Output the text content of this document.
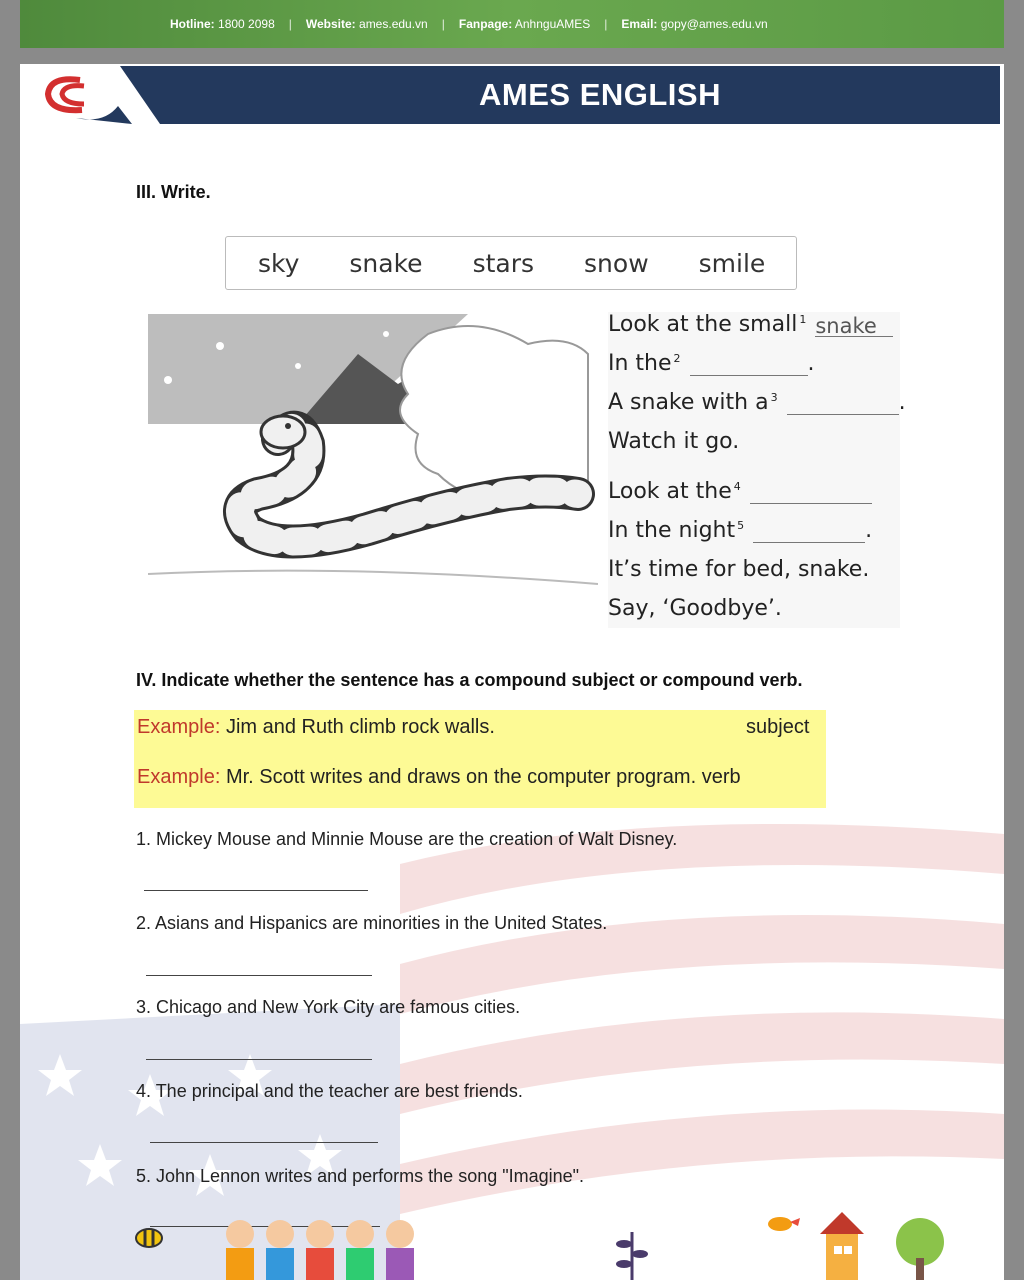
Hotline: 1800 2098 | Website: ames.edu.vn | Fanpage: AnhnguAMES | Email: gopy@ames.edu.vn
AMES ENGLISH
III. Write.
sky snake stars snow smile
Look at the small $^1$ snake
In the $^2$	.
A snake with a $^3$	.
Watch it go.
Look at the $^4$
In the night $^5$	.
It’s time for bed, snake.
Say, ‘Goodbye’.
IV. Indicate whether the sentence has a compound subject or compound verb.
Example: Jim and Ruth climb rock walls.	subject
Example: Mr. Scott writes and draws on the computer program. verb
1. Mickey Mouse and Minnie Mouse are the creation of Walt Disney.
2. Asians and Hispanics are minorities in the United States.
3. Chicago and New York City are famous cities.
4. The principal and the teacher are best friends.
5. John Lennon writes and performs the song "Imagine".
